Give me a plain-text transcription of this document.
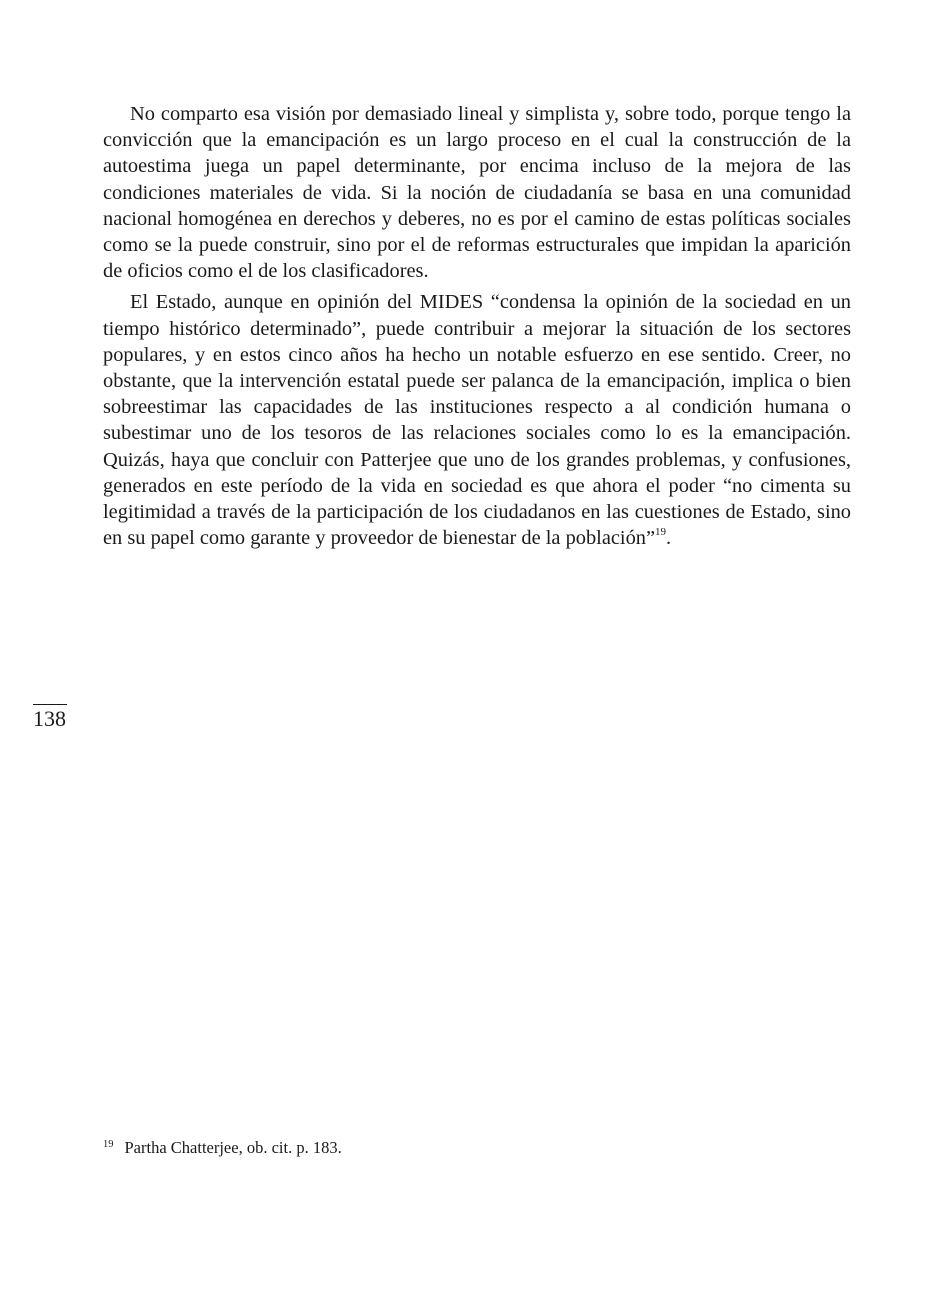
No comparto esa visión por demasiado lineal y simplista y, sobre todo, porque tengo la convicción que la emancipación es un largo proceso en el cual la construcción de la autoestima juega un papel determinante, por encima incluso de la mejora de las condiciones materiales de vida. Si la noción de ciudadanía se basa en una comunidad nacional homogénea en derechos y deberes, no es por el camino de estas políticas sociales como se la puede construir, sino por el de reformas estructurales que impidan la aparición de oficios como el de los clasificadores.

El Estado, aunque en opinión del MIDES “condensa la opinión de la sociedad en un tiempo histórico determinado”, puede contribuir a mejorar la situación de los sectores populares, y en estos cinco años ha hecho un notable esfuerzo en ese sentido. Creer, no obstante, que la intervención estatal puede ser palanca de la emancipación, implica o bien sobreestimar las capacidades de las instituciones respecto a al condición humana o subestimar uno de los tesoros de las relaciones sociales como lo es la emancipación. Quizás, haya que concluir con Patterjee que uno de los grandes problemas, y confusiones, generados en este período de la vida en sociedad es que ahora el poder “no cimenta su legitimidad a través de la participación de los ciudadanos en las cuestiones de Estado, sino en su papel como garante y proveedor de bienestar de la población”$^{19}$.

138
$^{19}$ Partha Chatterjee, ob. cit. p. 183.
